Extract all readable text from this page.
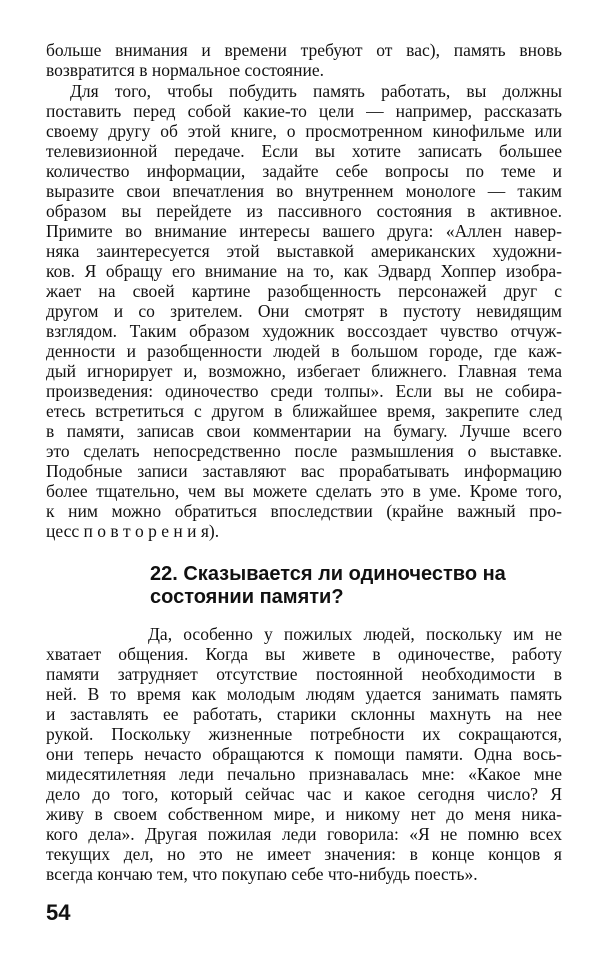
больше внимания и времени требуют от вас), память вновь
возвратится в нормальное состояние.
Для того, чтобы побудить память работать, вы должны
поставить перед собой какие-то цели — например, рассказать
своему другу об этой книге, о просмотренном кинофильме или
телевизионной передаче. Если вы хотите записать большее
количество информации, задайте себе вопросы по теме и
выразите свои впечатления во внутреннем монологе — таким
образом вы перейдете из пассивного состояния в активное.
Примите во внимание интересы вашего друга: «Аллен навер-
няка заинтересуется этой выставкой американских художни-
ков. Я обращу его внимание на то, как Эдвард Хоппер изобра-
жает на своей картине разобщенность персонажей друг с
другом и со зрителем. Они смотрят в пустоту невидящим
взглядом. Таким образом художник воссоздает чувство отчуж-
денности и разобщенности людей в большом городе, где каж-
дый игнорирует и, возможно, избегает ближнего. Главная тема
произведения: одиночество среди толпы». Если вы не собира-
етесь встретиться с другом в ближайшее время, закрепите след
в памяти, записав свои комментарии на бумагу. Лучше всего
это сделать непосредственно после размышления о выставке.
Подобные записи заставляют вас прорабатывать информацию
более тщательно, чем вы можете сделать это в уме. Кроме того,
к ним можно обратиться впоследствии (крайне важный про-
цесс п о в т о р е н и я).
22. Сказывается ли одиночество на
состоянии памяти?
Да, особенно у пожилых людей, поскольку им не
хватает общения. Когда вы живете в одиночестве, работу
памяти затрудняет отсутствие постоянной необходимости в
ней. В то время как молодым людям удается занимать память
и заставлять ее работать, старики склонны махнуть на нее
рукой. Поскольку жизненные потребности их сокращаются,
они теперь нечасто обращаются к помощи памяти. Одна вось-
мидесятилетняя леди печально признавалась мне: «Какое мне
дело до того, который сейчас час и какое сегодня число? Я
живу в своем собственном мире, и никому нет до меня ника-
кого дела». Другая пожилая леди говорила: «Я не помню всех
текущих дел, но это не имеет значения: в конце концов я
всегда кончаю тем, что покупаю себе что-нибудь поесть».
54
